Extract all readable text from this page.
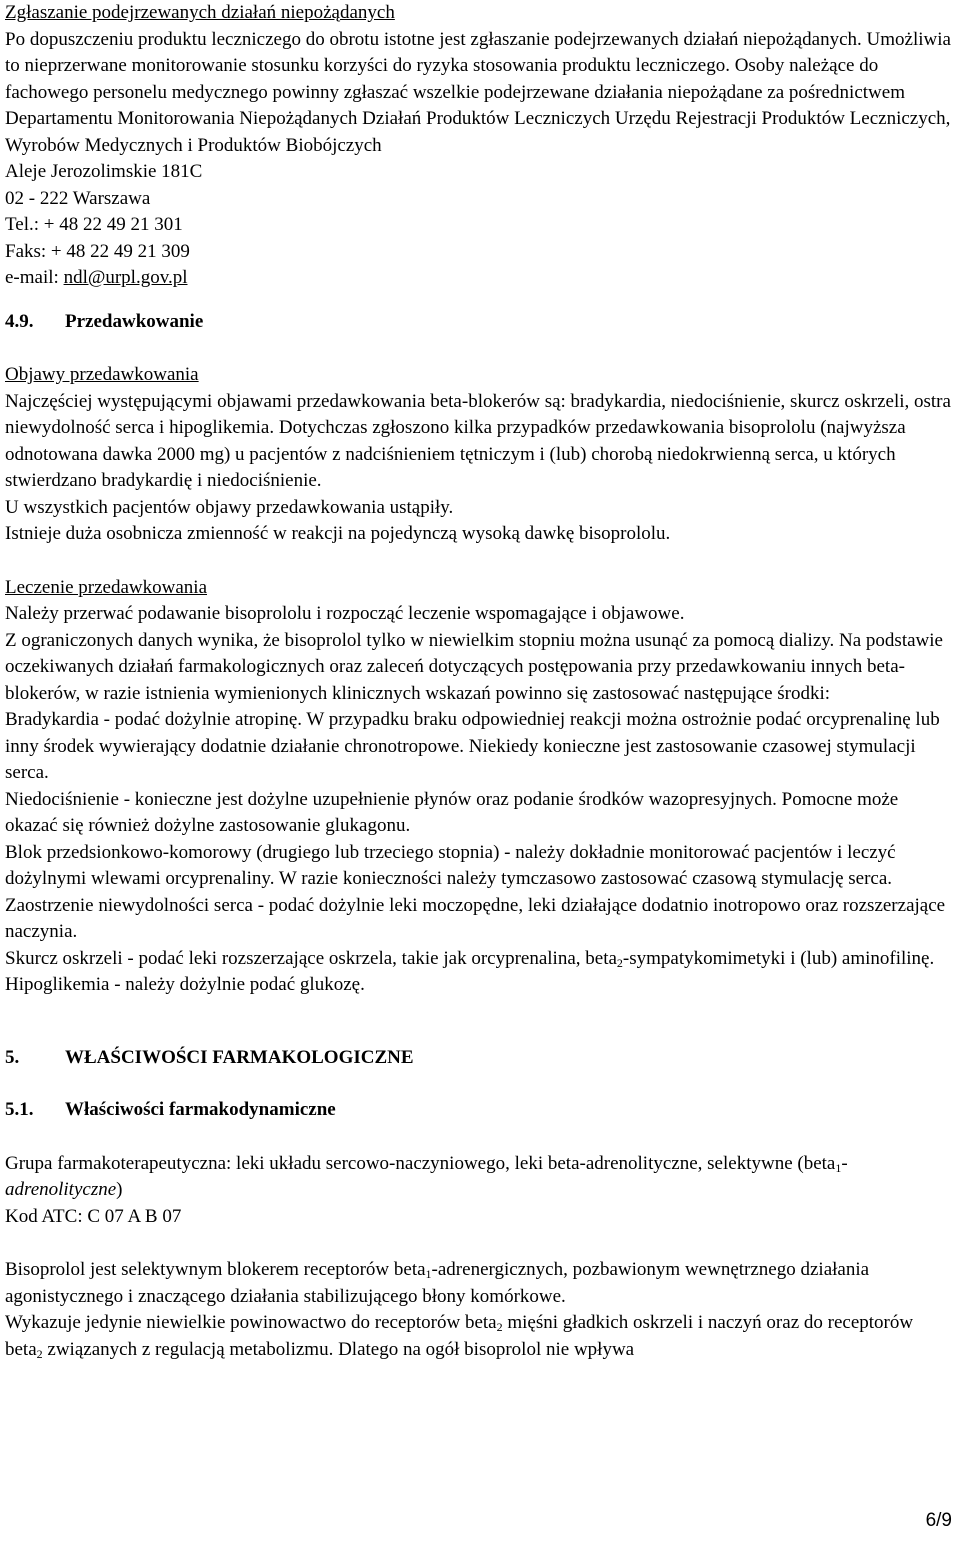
Zgłaszanie podejrzewanych działań niepożądanych

Po dopuszczeniu produktu leczniczego do obrotu istotne jest zgłaszanie podejrzewanych działań niepożądanych. Umożliwia to nieprzerwane monitorowanie stosunku korzyści do ryzyka stosowania produktu leczniczego. Osoby należące do fachowego personelu medycznego powinny zgłaszać wszelkie podejrzewane działania niepożądane za pośrednictwem Departamentu Monitorowania Niepożądanych Działań Produktów Leczniczych Urzędu Rejestracji Produktów Leczniczych, Wyrobów Medycznych i Produktów Biobójczych

Aleje Jerozolimskie 181C

02 - 222 Warszawa

Tel.: + 48 22 49 21 301

Faks: + 48 22 49 21 309

e-mail: ndl@urpl.gov.pl

4.9.	Przedawkowanie

Objawy przedawkowania

Najczęściej występującymi objawami przedawkowania beta-blokerów są: bradykardia, niedociśnienie, skurcz oskrzeli, ostra niewydolność serca i hipoglikemia. Dotychczas zgłoszono kilka przypadków przedawkowania bisoprololu (najwyższa odnotowana dawka 2000 mg) u pacjentów z nadciśnieniem tętniczym i (lub) chorobą niedokrwienną serca, u których stwierdzano bradykardię i niedociśnienie.

U wszystkich pacjentów objawy przedawkowania ustąpiły.

Istnieje duża osobnicza zmienność w reakcji na pojedynczą wysoką dawkę bisoprololu.

Leczenie przedawkowania

Należy przerwać podawanie bisoprololu i rozpocząć leczenie wspomagające i objawowe.

Z ograniczonych danych wynika, że bisoprolol tylko w niewielkim stopniu można usunąć za pomocą dializy. Na podstawie oczekiwanych działań farmakologicznych oraz zaleceń dotyczących postępowania przy przedawkowaniu innych beta-blokerów, w razie istnienia wymienionych klinicznych wskazań powinno się zastosować następujące środki:

Bradykardia - podać dożylnie atropinę. W przypadku braku odpowiedniej reakcji można ostrożnie podać orcyprenalinę lub inny środek wywierający dodatnie działanie chronotropowe. Niekiedy konieczne jest zastosowanie czasowej stymulacji serca.

Niedociśnienie - konieczne jest dożylne uzupełnienie płynów oraz podanie środków wazopresyjnych. Pomocne może okazać się również dożylne zastosowanie glukagonu.

Blok przedsionkowo-komorowy (drugiego lub trzeciego stopnia) - należy dokładnie monitorować pacjentów i leczyć dożylnymi wlewami orcyprenaliny. W razie konieczności należy tymczasowo zastosować czasową stymulację serca.

Zaostrzenie niewydolności serca - podać dożylnie leki moczopędne, leki działające dodatnio inotropowo oraz rozszerzające naczynia.

Skurcz oskrzeli - podać leki rozszerzające oskrzela, takie jak orcyprenalina, beta$_2$-sympatykomimetyki i (lub) aminofilinę.

Hipoglikemia - należy dożylnie podać glukozę.

5.	WŁAŚCIWOŚCI FARMAKOLOGICZNE
5.1.	Właściwości farmakodynamiczne

Grupa farmakoterapeutyczna: leki układu sercowo-naczyniowego, leki beta-adrenolityczne, selektywne (beta$_1$-adrenolityczne)

Kod ATC: C 07 A B 07

Bisoprolol jest selektywnym blokerem receptorów beta$_1$-adrenergicznych, pozbawionym wewnętrznego działania agonistycznego i znaczącego działania stabilizującego błony komórkowe.

Wykazuje jedynie niewielkie powinowactwo do receptorów beta$_2$ mięśni gładkich oskrzeli i naczyń oraz do receptorów beta$_2$ związanych z regulacją metabolizmu. Dlatego na ogół bisoprolol nie wpływa

6/9
